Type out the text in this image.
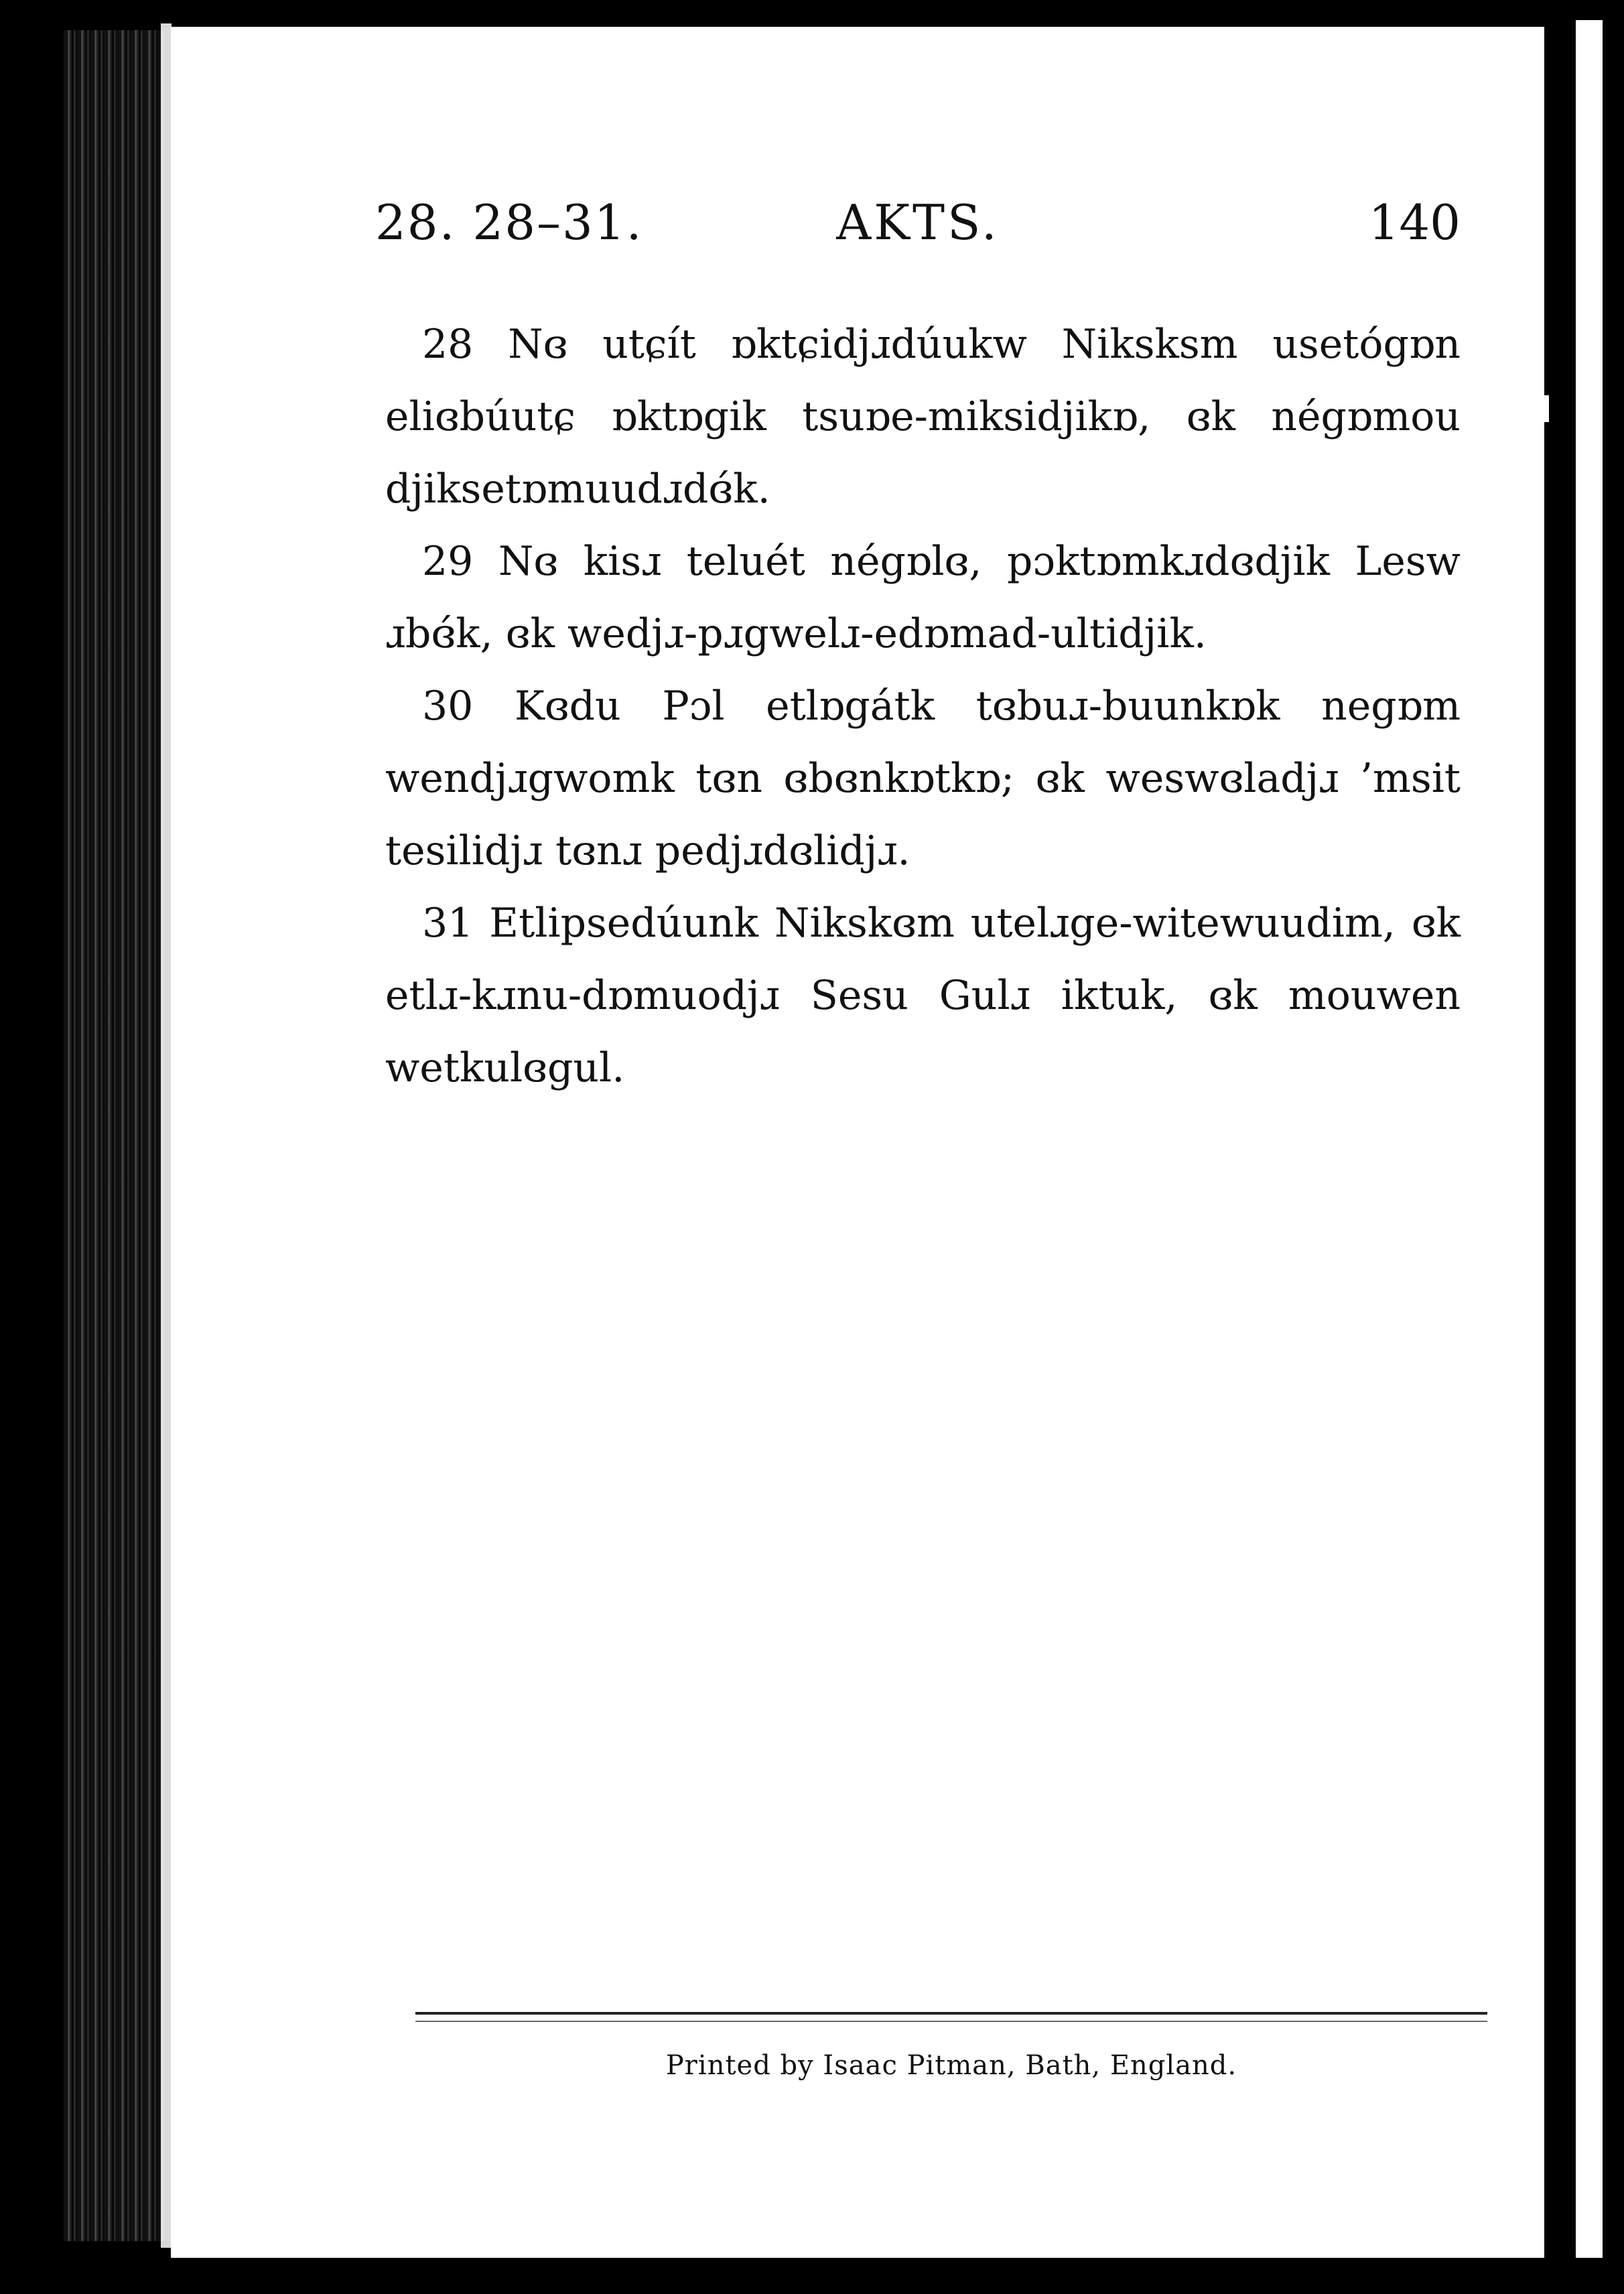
28. 28–31.	AKTS.	140

28 Nɞ utɕít ɒktɕidjɹdúukw Niksksm usetógɒn eliɞbúutɕ ɒktɒgik tsuɒe-miksidjikɒ, ɞk négɒmou djiksetɒmuudɹdɞ́k.

29 Nɞ kisɹ teluét négɒlɞ, pɔktɒmkɹdɞdjik Lesw ɹbɞ́k, ɞk wedjɹ-pɹgwelɹ-edɒmad-ultidjik.

30 Kɞdu Pɔl etlɒgátk tɞbuɹ-buunkɒk negɒm wendjɹgwomk tɞn ɞbɞnkɒtkɒ; ɞk weswɞladjɹ ’msit tesilidjɹ tɞnɹ pedjɹdɞlidjɹ.

31 Etlipsedúunk Nikskɞm utelɹge-witewuudim, ɞk etlɹ-kɹnu-dɒmuodjɹ Sesu Gulɹ iktuk, ɞk mouwen wetkulɞgul.

Printed by Isaac Pitman, Bath, England.
